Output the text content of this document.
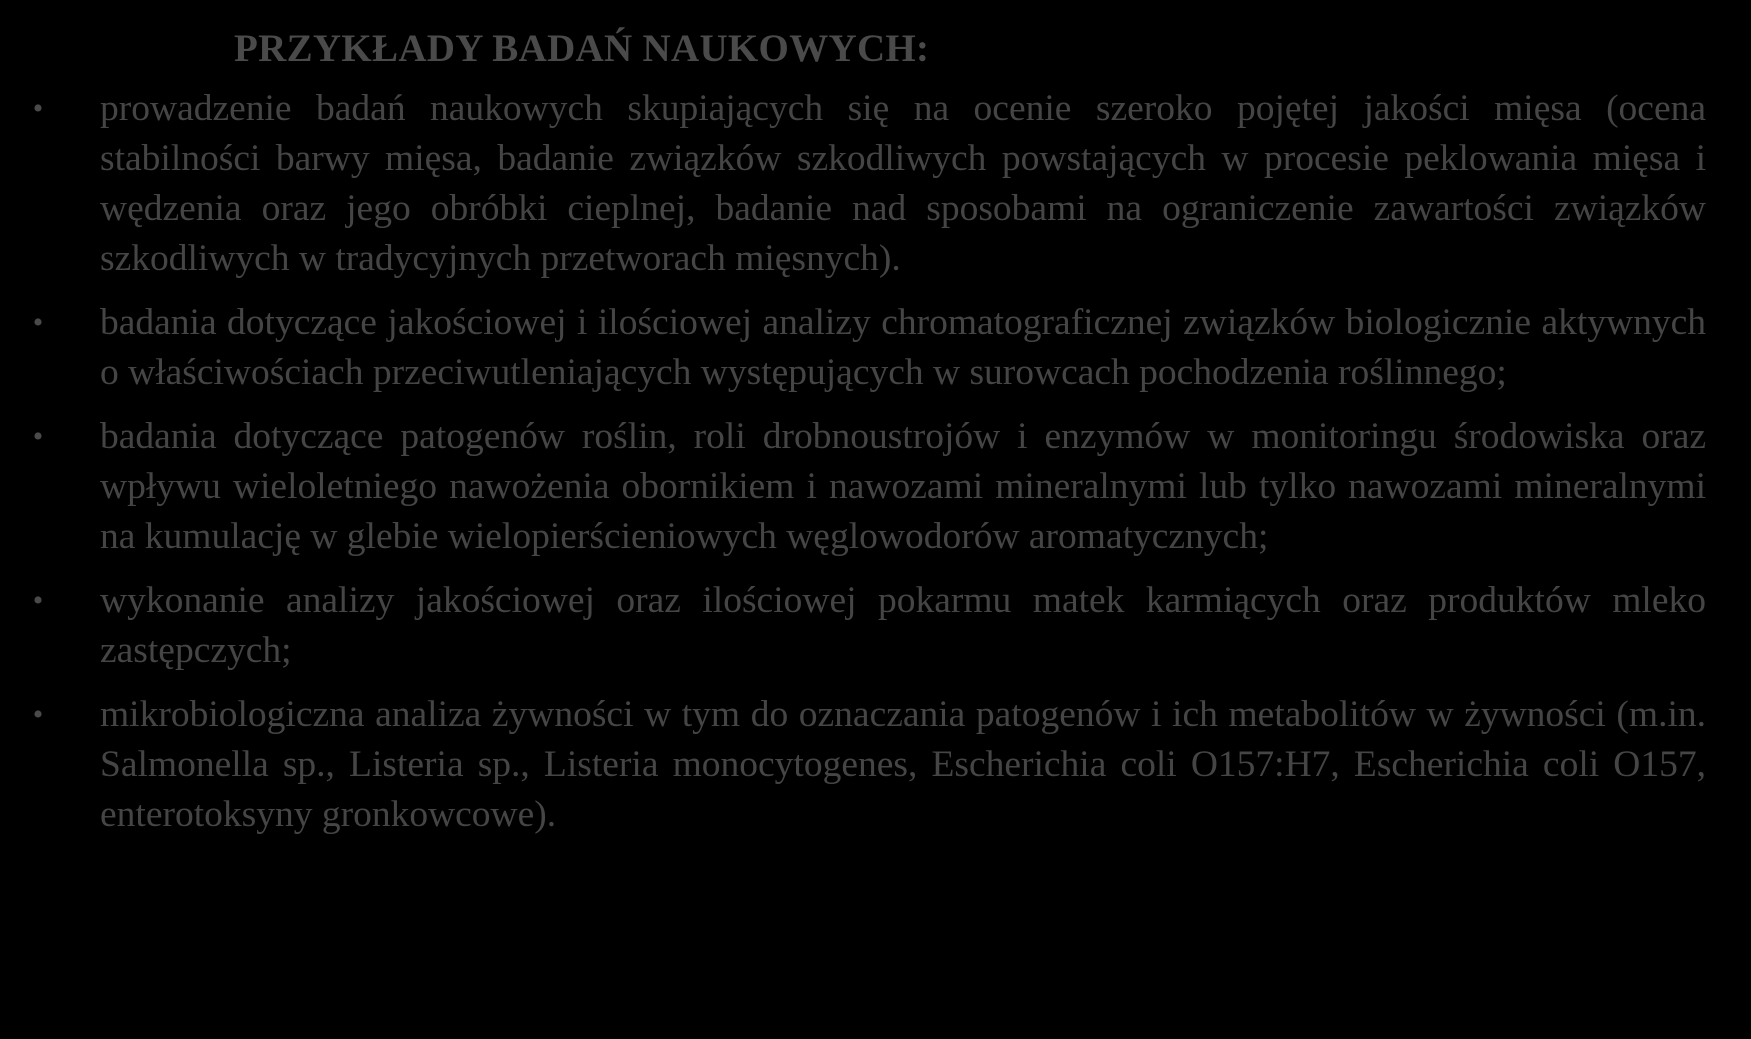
PRZYKŁADY BADAŃ NAUKOWYCH:
• prowadzenie badań naukowych skupiających się na ocenie szeroko pojętej jakości mięsa (ocena stabilności barwy mięsa, badanie związków szkodliwych powstających w procesie peklowania mięsa i wędzenia oraz jego obróbki cieplnej, badanie nad sposobami na ograniczenie zawartości związków szkodliwych w tradycyjnych przetworach mięsnych).
• badania dotyczące jakościowej i ilościowej analizy chromatograficznej związków biologicznie aktywnych o właściwościach przeciwutleniających występujących w surowcach pochodzenia roślinnego;
• badania dotyczące patogenów roślin, roli drobnoustrojów i enzymów w monitoringu środowiska oraz wpływu wieloletniego nawożenia obornikiem i nawozami mineralnymi lub tylko nawozami mineralnymi na kumulację w glebie wielopierścieniowych węglowodorów aromatycznych;
• wykonanie analizy jakościowej oraz ilościowej pokarmu matek karmiących oraz produktów mleko zastępczych;
• mikrobiologiczna analiza żywności w tym do oznaczania patogenów i ich metabolitów w żywności (m.in. Salmonella sp., Listeria sp., Listeria monocytogenes, Escherichia coli O157:H7, Escherichia coli O157, enterotoksyny gronkowcowe).
